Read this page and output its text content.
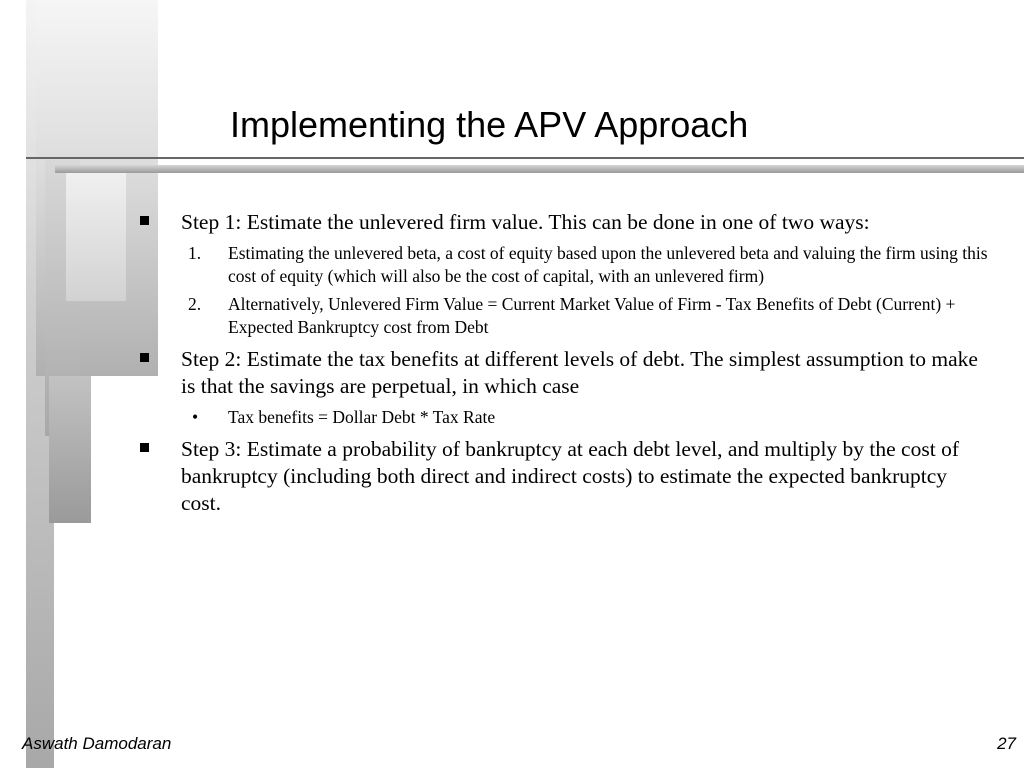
Implementing the APV Approach
Step 1: Estimate the unlevered firm value. This can be done in one of two ways:
1. Estimating the unlevered beta, a cost of equity based upon the unlevered beta and valuing the firm using this cost of equity (which will also be the cost of capital, with an unlevered firm)
2. Alternatively, Unlevered Firm Value = Current Market Value of Firm - Tax Benefits of Debt (Current) + Expected Bankruptcy cost from Debt
Step 2: Estimate the tax benefits at different levels of debt. The simplest assumption to make is that the savings are perpetual, in which case
• Tax benefits = Dollar Debt * Tax Rate
Step 3: Estimate a probability of bankruptcy at each debt level, and multiply by the cost of bankruptcy (including both direct and indirect costs) to estimate the expected bankruptcy cost.
Aswath Damodaran	27
